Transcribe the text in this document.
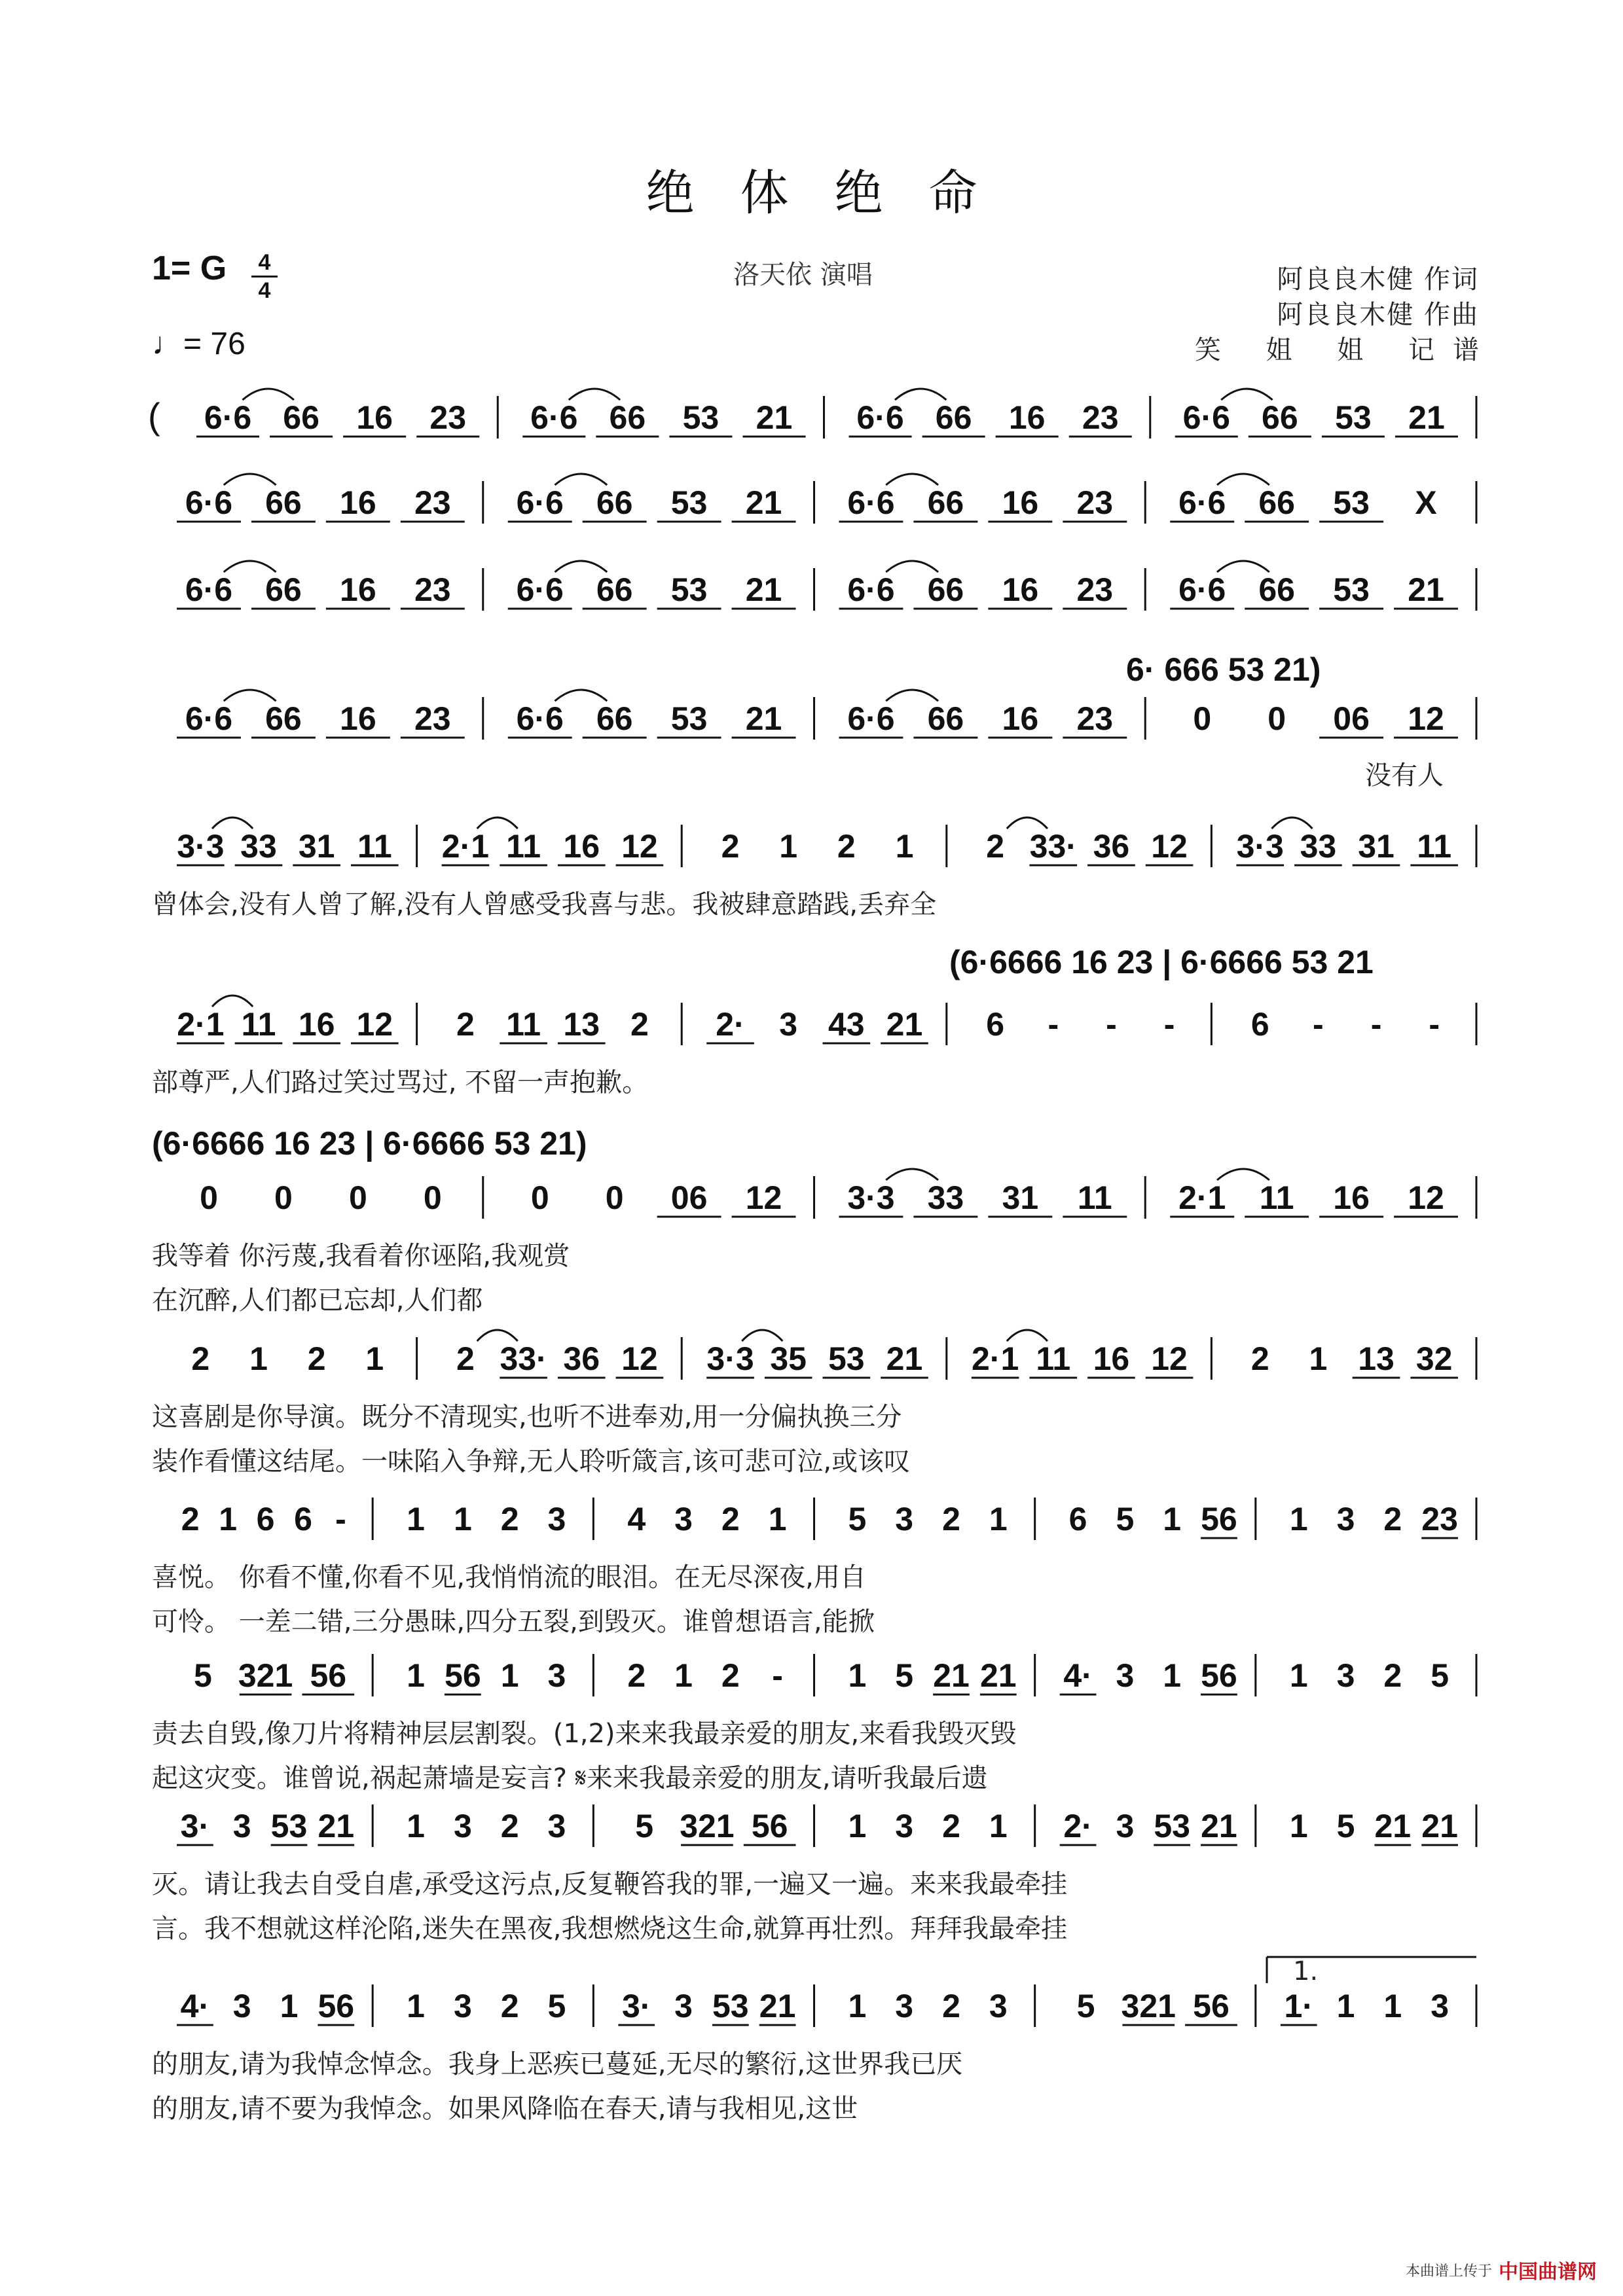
绝体绝命
1= G	4
4
♩= 76
洛天依 演唱	阿良良木健 作词
阿良良木健 作曲
笑 姐 姐 记谱
( 6·6 66 16 23 6·6 66 53 21 6·6 66 16 23 6·6 66 53 21
6·6 66 16 23 6·6 66 53 21 6·6 66 16 23 6·6 66 53 X
6·6 66 16 23 6·6 66 53 21 6·6 66 16 23 6·6 66 53 21
6·6 66 16 23 6·6 66 53 21 6·6 66 16 23 0 0 06 12
6· 666 53 21)
没有人
3·3 33 31 11 2·1 11 16 12 2 1 2 1 2 33· 36 12 3·3 33 31 11
曾体会,没有人曾了解,没有人曾感受我喜与悲。我被肆意踏践,丢弃全
2·1 11 16 12 2 11 13 2 2· 3 43 21 6 - - - 6 - - -
(6·6666 16 23 | 6·6666 53 21
部尊严,人们路过笑过骂过, 不留一声抱歉。
0 0 0 0	0 0 06 12 3·3 33 31 11 2·1 11 16 12
(6·6666 16 23 | 6·6666 53 21)
我等着 你污蔑,我看着你诬陷,我观赏
在沉醉,人们都已忘却,人们都
2 1 2 1 2 33· 36 12 3·3 35 53 21 2·1 11 16 12 2 1 13 32
这喜剧是你导演。既分不清现实,也听不进奉劝,用一分偏执换三分
装作看懂这结尾。一味陷入争辩,无人聆听箴言,该可悲可泣,或该叹
2 1 6 6 - 1 1 2 3 4 3 2 1 5 3 2 1 6 5 1 56 1 3 2 23
喜悦。 你看不懂,你看不见,我悄悄流的眼泪。在无尽深夜,用自
可怜。 一差二错,三分愚昧,四分五裂,到毁灭。谁曾想语言,能掀
5 321 56 1 56 1 3 2 1 2 - 1 5 21 21 4· 3 1 56 1 3 2 5
责去自毁,像刀片将精神层层割裂。(1,2)来来我最亲爱的朋友,来看我毁灭毁
起这灾变。谁曾说,祸起萧墙是妄言? 𝄋来来我最亲爱的朋友,请听我最后遗
3· 3 53 21 1 3 2 3 5 321 56 1 3 2 1 2· 3 53 21 1 5 21 21
灭。请让我去自受自虐,承受这污点,反复鞭笞我的罪,一遍又一遍。来来我最牵挂
言。我不想就这样沦陷,迷失在黑夜,我想燃烧这生命,就算再壮烈。拜拜我最牵挂
4· 3 1 56 1 3 2 5 3· 3 53 21 1 3 2 3 5 321 56 1· 1 1 3
的朋友,请为我悼念悼念。我身上恶疾已蔓延,无尽的繁衍,这世界我已厌
的朋友,请不要为我悼念。如果风降临在春天,请与我相见,这世
1.
本曲谱上传于 中国曲谱网
